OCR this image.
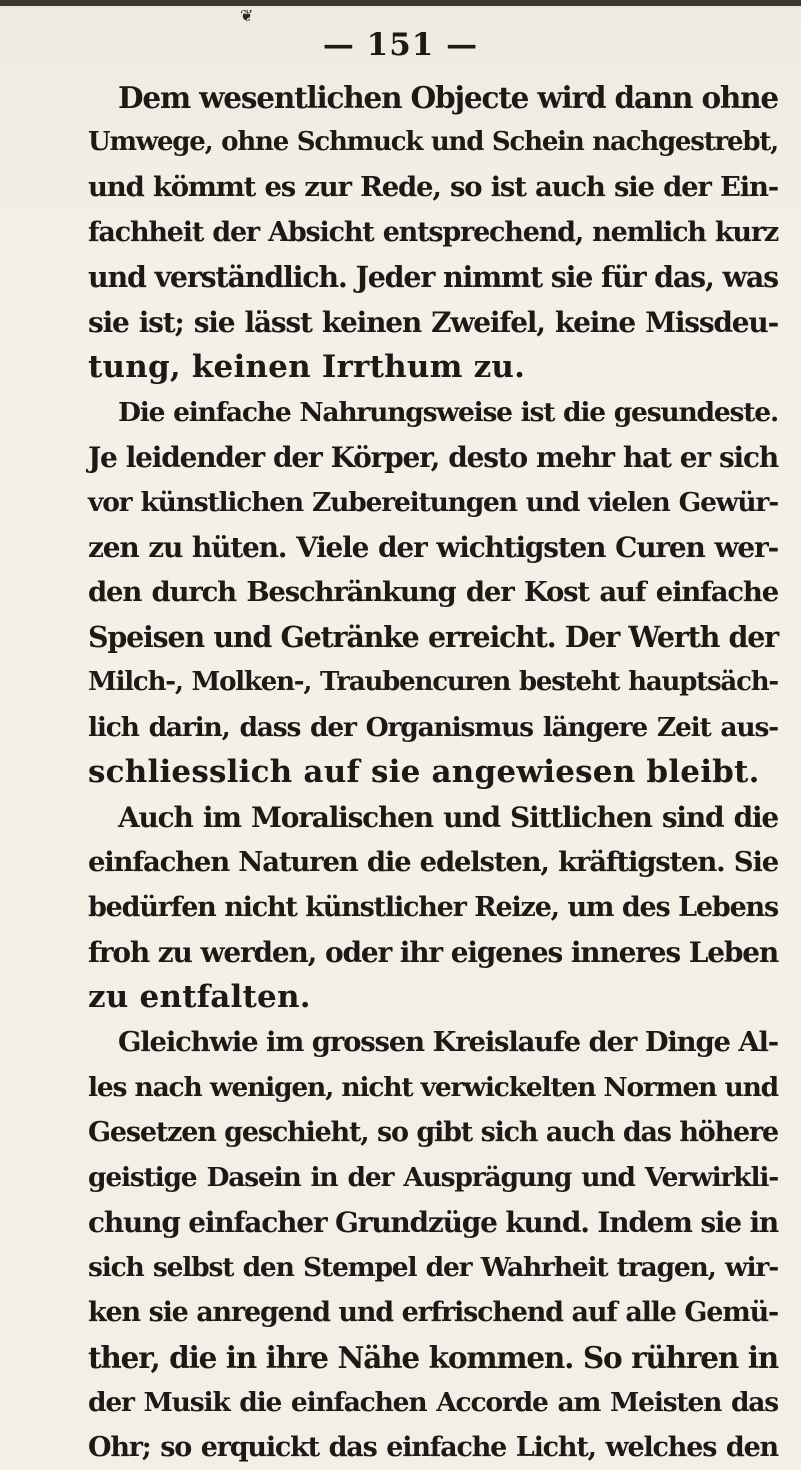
❦
— 151 —
Dem wesentlichen Objecte wird dann ohne
Umwege, ohne Schmuck und Schein nachgestrebt,
und kömmt es zur Rede, so ist auch sie der Ein-
fachheit der Absicht entsprechend, nemlich kurz
und verständlich. Jeder nimmt sie für das, was
sie ist; sie lässt keinen Zweifel, keine Missdeu-
tung, keinen Irrthum zu.
Die einfache Nahrungsweise ist die gesundeste.
Je leidender der Körper, desto mehr hat er sich
vor künstlichen Zubereitungen und vielen Gewür-
zen zu hüten. Viele der wichtigsten Curen wer-
den durch Beschränkung der Kost auf einfache
Speisen und Getränke erreicht. Der Werth der
Milch-, Molken-, Traubencuren besteht hauptsäch-
lich darin, dass der Organismus längere Zeit aus-
schliesslich auf sie angewiesen bleibt.
Auch im Moralischen und Sittlichen sind die
einfachen Naturen die edelsten, kräftigsten. Sie
bedürfen nicht künstlicher Reize, um des Lebens
froh zu werden, oder ihr eigenes inneres Leben
zu entfalten.
Gleichwie im grossen Kreislaufe der Dinge Al-
les nach wenigen, nicht verwickelten Normen und
Gesetzen geschieht, so gibt sich auch das höhere
geistige Dasein in der Ausprägung und Verwirkli-
chung einfacher Grundzüge kund. Indem sie in
sich selbst den Stempel der Wahrheit tragen, wir-
ken sie anregend und erfrischend auf alle Gemü-
ther, die in ihre Nähe kommen. So rühren in
der Musik die einfachen Accorde am Meisten das
Ohr; so erquickt das einfache Licht, welches den
